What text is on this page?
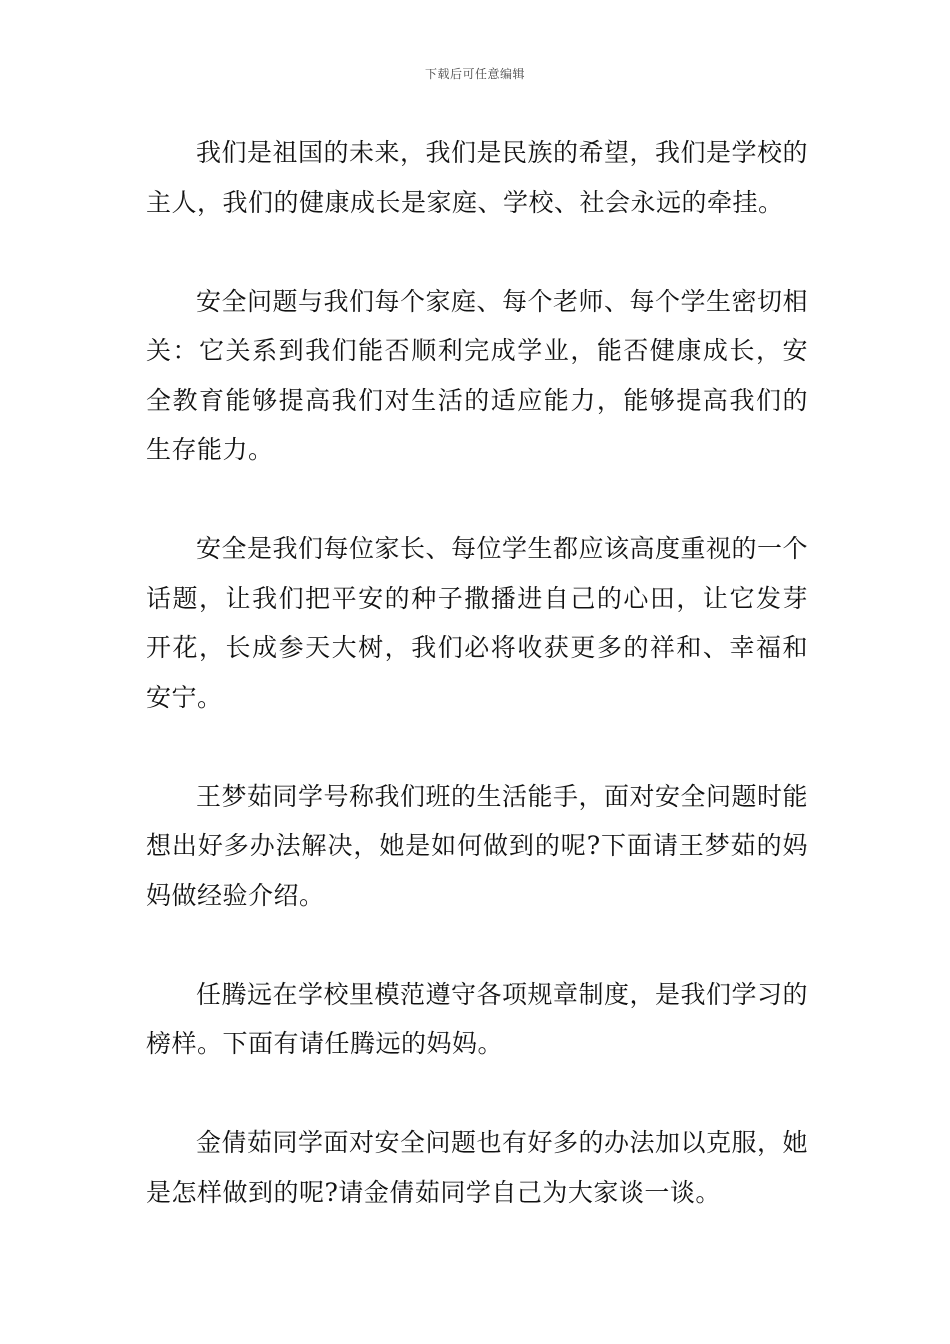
下载后可任意编辑

我们是祖国的未来，我们是民族的希望，我们是学校的主人，我们的健康成长是家庭、学校、社会永远的牵挂。

安全问题与我们每个家庭、每个老师、每个学生密切相关：它关系到我们能否顺利完成学业，能否健康成长，安全教育能够提高我们对生活的适应能力，能够提高我们的生存能力。

安全是我们每位家长、每位学生都应该高度重视的一个话题，让我们把平安的种子撒播进自己的心田，让它发芽开花，长成参天大树，我们必将收获更多的祥和、幸福和安宁。

王梦茹同学号称我们班的生活能手，面对安全问题时能想出好多办法解决，她是如何做到的呢?下面请王梦茹的妈妈做经验介绍。

任腾远在学校里模范遵守各项规章制度，是我们学习的榜样。下面有请任腾远的妈妈。

金倩茹同学面对安全问题也有好多的办法加以克服，她是怎样做到的呢?请金倩茹同学自己为大家谈一谈。
